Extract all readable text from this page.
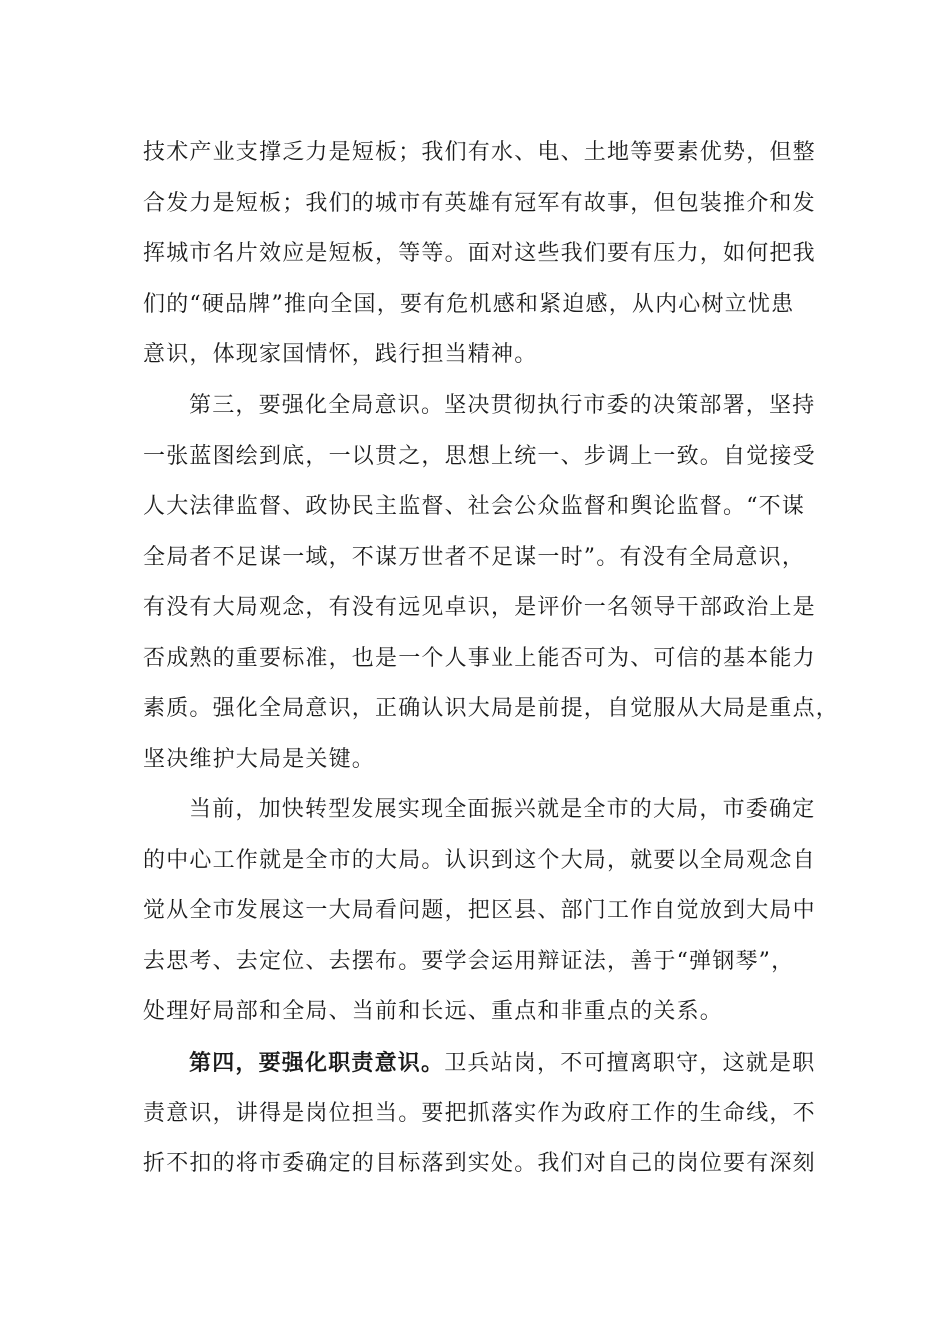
技术产业支撑乏力是短板；我们有水、电、土地等要素优势，但整
合发力是短板；我们的城市有英雄有冠军有故事，但包装推介和发
挥城市名片效应是短板，等等。面对这些我们要有压力，如何把我
们的“硬品牌”推向全国，要有危机感和紧迫感，从内心树立忧患
意识，体现家国情怀，践行担当精神。
第三，要强化全局意识。坚决贯彻执行市委的决策部署，坚持
一张蓝图绘到底，一以贯之，思想上统一、步调上一致。自觉接受
人大法律监督、政协民主监督、社会公众监督和舆论监督。“不谋
全局者不足谋一域，不谋万世者不足谋一时”。有没有全局意识，
有没有大局观念，有没有远见卓识，是评价一名领导干部政治上是
否成熟的重要标准，也是一个人事业上能否可为、可信的基本能力
素质。强化全局意识，正确认识大局是前提，自觉服从大局是重点，
坚决维护大局是关键。
当前，加快转型发展实现全面振兴就是全市的大局，市委确定
的中心工作就是全市的大局。认识到这个大局，就要以全局观念自
觉从全市发展这一大局看问题，把区县、部门工作自觉放到大局中
去思考、去定位、去摆布。要学会运用辩证法，善于“弹钢琴”，
处理好局部和全局、当前和长远、重点和非重点的关系。
第四，要强化职责意识。卫兵站岗，不可擅离职守，这就是职
责意识，讲得是岗位担当。要把抓落实作为政府工作的生命线，不
折不扣的将市委确定的目标落到实处。我们对自己的岗位要有深刻
